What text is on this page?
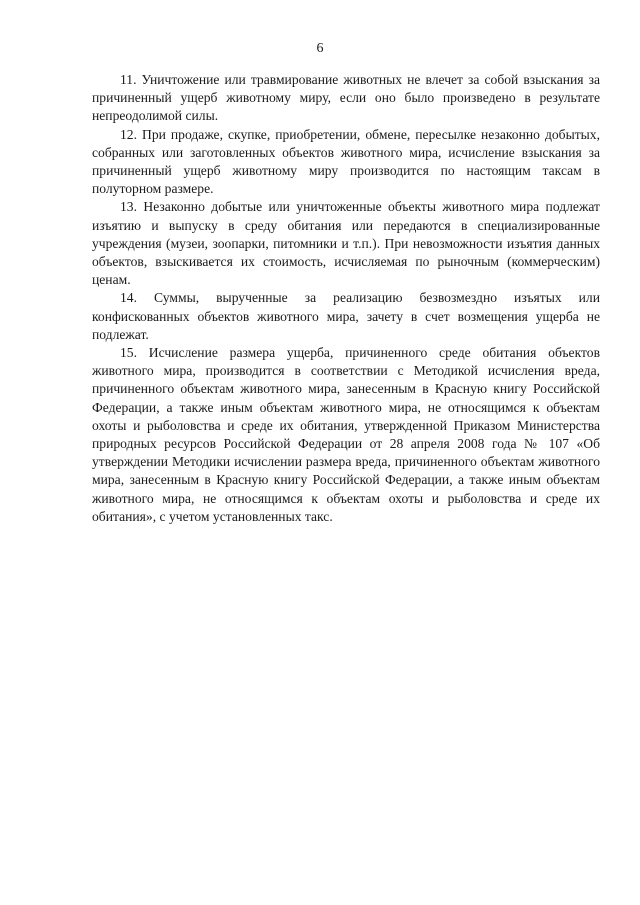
6

11. Уничтожение или травмирование животных не влечет за собой взыскания за причиненный ущерб животному миру, если оно было произведено в результате непреодолимой силы.

12. При продаже, скупке, приобретении, обмене, пересылке незаконно добытых, собранных или заготовленных объектов животного мира, исчисление взыскания за причиненный ущерб животному миру производится по настоящим таксам в полуторном размере.

13. Незаконно добытые или уничтоженные объекты животного мира подлежат изъятию и выпуску в среду обитания или передаются в специализированные учреждения (музеи, зоопарки, питомники и т.п.). При невозможности изъятия данных объектов, взыскивается их стоимость, исчисляемая по рыночным (коммерческим) ценам.

14. Суммы, вырученные за реализацию безвозмездно изъятых или конфискованных объектов животного мира, зачету в счет возмещения ущерба не подлежат.

15. Исчисление размера ущерба, причиненного среде обитания объектов животного мира, производится в соответствии с Методикой исчисления вреда, причиненного объектам животного мира, занесенным в Красную книгу Российской Федерации, а также иным объектам животного мира, не относящимся к объектам охоты и рыболовства и среде их обитания, утвержденной Приказом Министерства природных ресурсов Российской Федерации от 28 апреля 2008 года № 107 «Об утверждении Методики исчислении размера вреда, причиненного объектам животного мира, занесенным в Красную книгу Российской Федерации, а также иным объектам животного мира, не относящимся к объектам охоты и рыболовства и среде их обитания», с учетом установленных такс.
